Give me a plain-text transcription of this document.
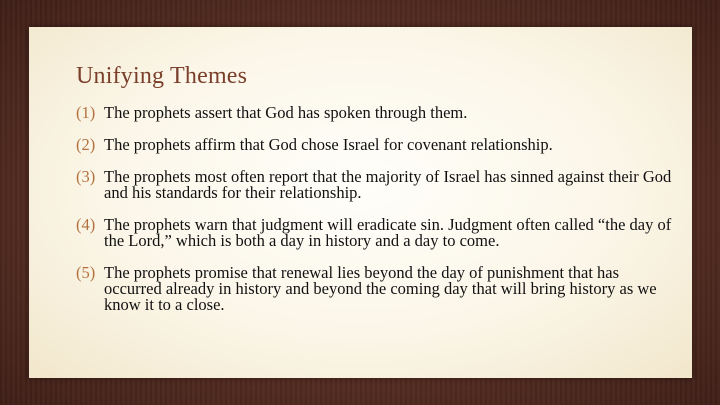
Unifying Themes
(1) The prophets assert that God has spoken through them.
(2) The prophets affirm that God chose Israel for covenant relationship.
(3) The prophets most often report that the majority of Israel has sinned against their God and his standards for their relationship.
(4) The prophets warn that judgment will eradicate sin. Judgment often called “the day of the Lord,” which is both a day in history and a day to come.
(5) The prophets promise that renewal lies beyond the day of punishment that has occurred already in history and beyond the coming day that will bring history as we know it to a close.
